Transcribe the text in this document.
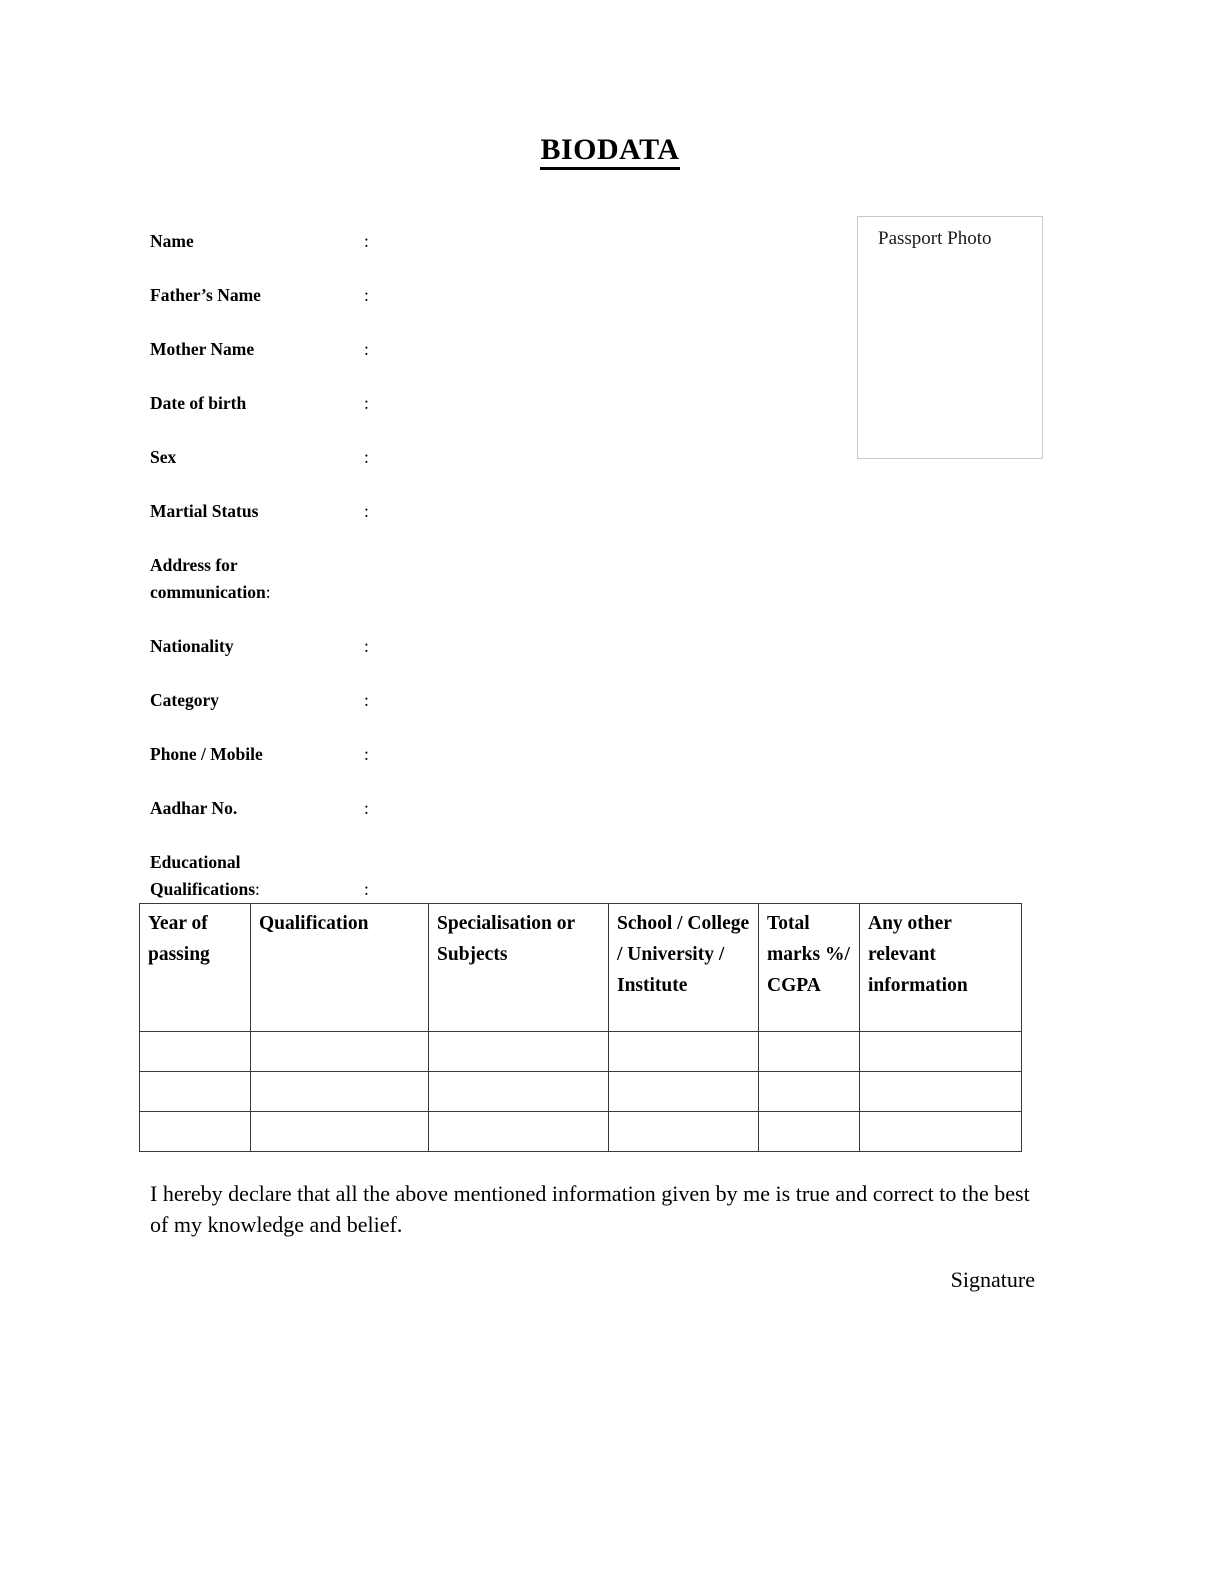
BIODATA
Name	:
Father’s Name	:
Mother Name	:
Date of birth	:
Sex	:
Martial Status	:
Address for communication:
Nationality	:
Category	:
Phone / Mobile	:
Aadhar No.	:
Educational Qualifications:	:
Passport Photo
Year of passing	Qualification	Specialisation or Subjects	School / College / University / Institute	Total marks %/ CGPA	Any other relevant information

I hereby declare that all the above mentioned information given by me is true and correct to the best of my knowledge and belief.
Signature
